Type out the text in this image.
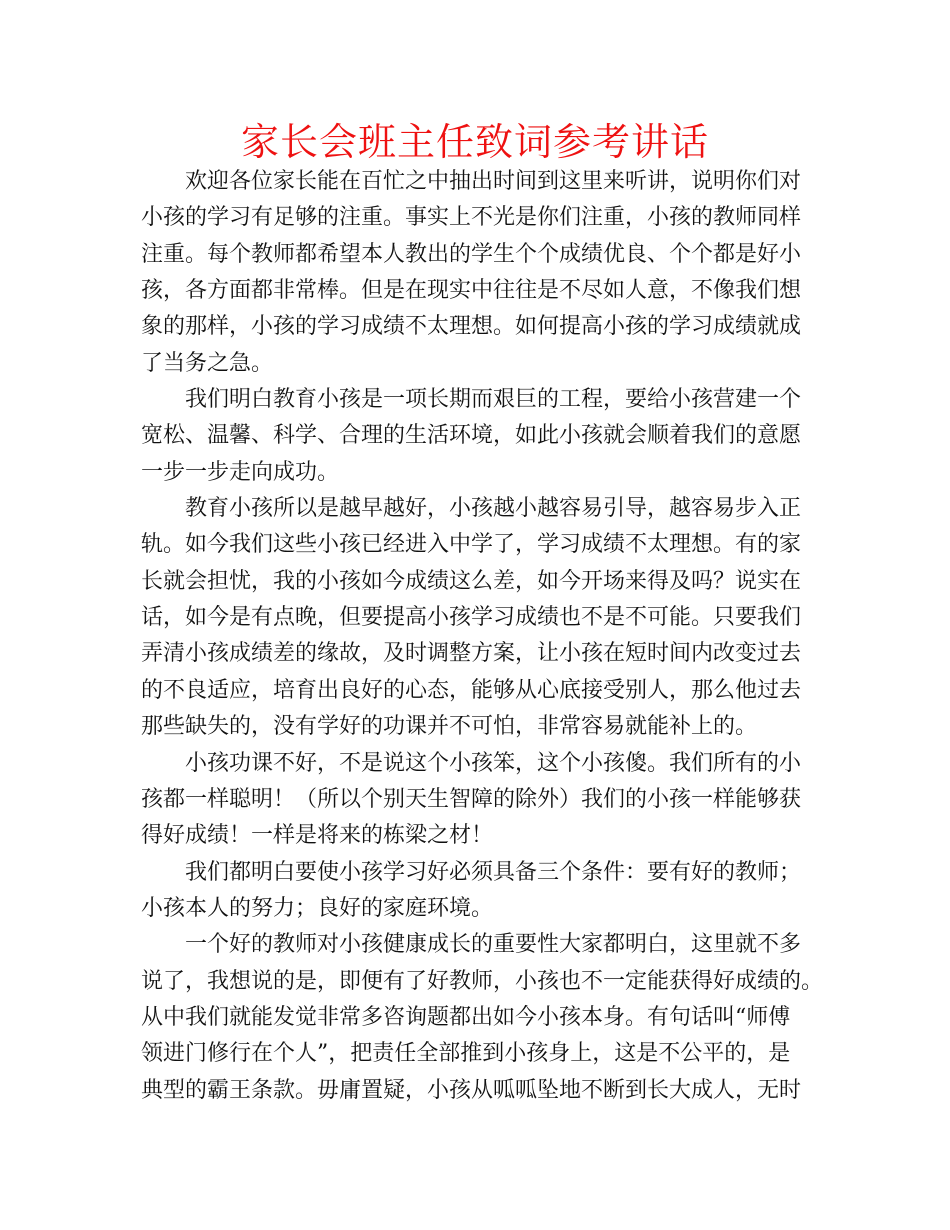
家长会班主任致词参考讲话
欢迎各位家长能在百忙之中抽出时间到这里来听讲，说明你们对
小孩的学习有足够的注重。事实上不光是你们注重，小孩的教师同样
注重。每个教师都希望本人教出的学生个个成绩优良、个个都是好小
孩，各方面都非常棒。但是在现实中往往是不尽如人意，不像我们想
象的那样，小孩的学习成绩不太理想。如何提高小孩的学习成绩就成
了当务之急。
我们明白教育小孩是一项长期而艰巨的工程，要给小孩营建一个
宽松、温馨、科学、合理的生活环境，如此小孩就会顺着我们的意愿
一步一步走向成功。
教育小孩所以是越早越好，小孩越小越容易引导，越容易步入正
轨。如今我们这些小孩已经进入中学了，学习成绩不太理想。有的家
长就会担忧，我的小孩如今成绩这么差，如今开场来得及吗？说实在
话，如今是有点晚，但要提高小孩学习成绩也不是不可能。只要我们
弄清小孩成绩差的缘故，及时调整方案，让小孩在短时间内改变过去
的不良适应，培育出良好的心态，能够从心底接受别人，那么他过去
那些缺失的，没有学好的功课并不可怕，非常容易就能补上的。
小孩功课不好，不是说这个小孩笨，这个小孩傻。我们所有的小
孩都一样聪明！（所以个别天生智障的除外）我们的小孩一样能够获
得好成绩！一样是将来的栋梁之材！
我们都明白要使小孩学习好必须具备三个条件：要有好的教师；
小孩本人的努力；良好的家庭环境。
一个好的教师对小孩健康成长的重要性大家都明白，这里就不多
说了，我想说的是，即便有了好教师，小孩也不一定能获得好成绩的。
从中我们就能发觉非常多咨询题都出如今小孩本身。有句话叫“师傅
领进门修行在个人”，把责任全部推到小孩身上，这是不公平的，是
典型的霸王条款。毋庸置疑，小孩从呱呱坠地不断到长大成人，无时
